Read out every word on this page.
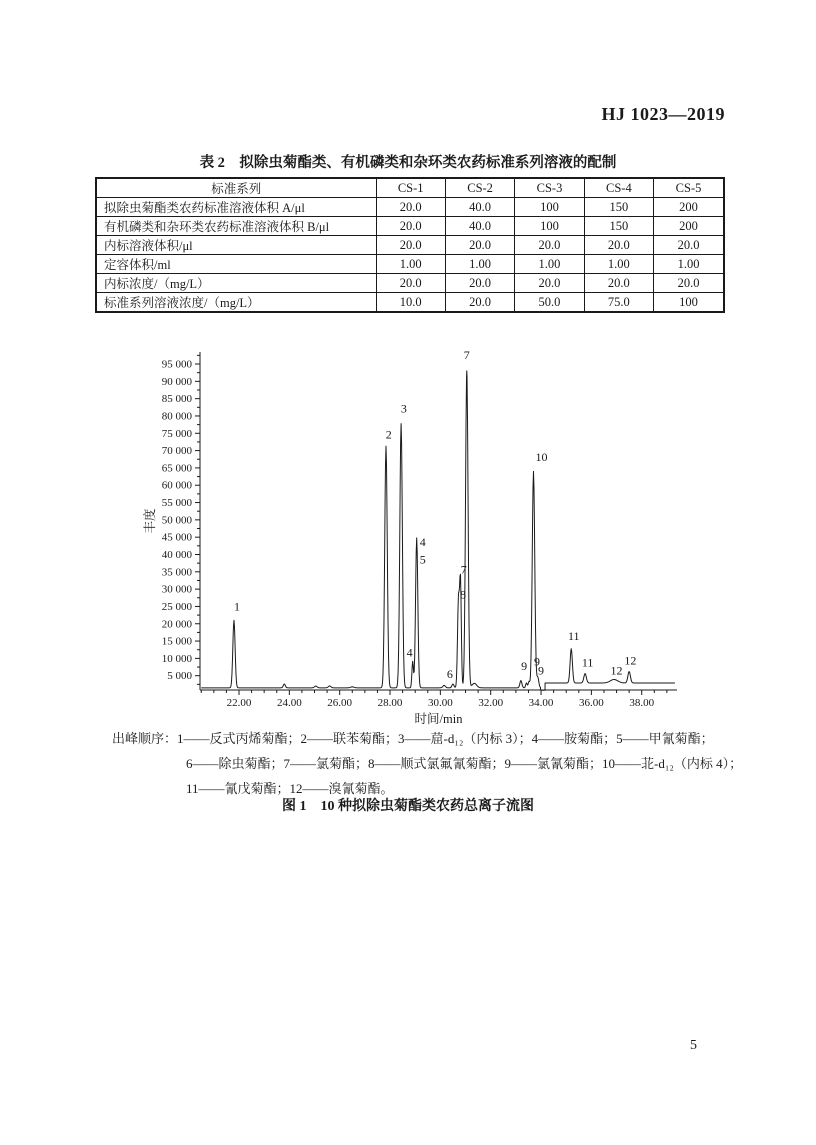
HJ 1023—2019
表 2　拟除虫菊酯类、有机磷类和杂环类农药标准系列溶液的配制
标准系列	CS-1	CS-2	CS-3	CS-4	CS-5
拟除虫菊酯类农药标准溶液体积 A/μl	20.0	40.0	100	150	200
有机磷类和杂环类农药标准溶液体积 B/μl	20.0	40.0	100	150	200
内标溶液体积/μl	20.0	20.0	20.0	20.0	20.0
定容体积/ml	1.00	1.00	1.00	1.00	1.00
内标浓度/（mg/L）	20.0	20.0	20.0	20.0	20.0
标准系列溶液浓度/（mg/L）	10.0	20.0	50.0	75.0	100
22.00 24.00 26.00 28.00 30.00 32.00 34.00 36.00 38.00
5 000
10 000
15 000
20 000
25 000
30 000
35 000
40 000
45 000
50 000
55 000
60 000
65 000
70 000
75 000
80 000
85 000
90 000
95 000
时间/min
丰度
1
2
3
4
4
5
6
7
8
7
9 9
9
10
11
11
12
12
出峰顺序：1——反式丙烯菊酯；2——联苯菊酯；3——䓛-d₁₂（内标 3）；4——胺菊酯；5——甲氰菊酯；
6——除虫菊酯；7——氯菊酯；8——顺式氯氟氰菊酯；9——氯氰菊酯；10——苝-d₁₂（内标 4）；
11——氰戊菊酯；12——溴氰菊酯。
图 1　10 种拟除虫菊酯类农药总离子流图
5
